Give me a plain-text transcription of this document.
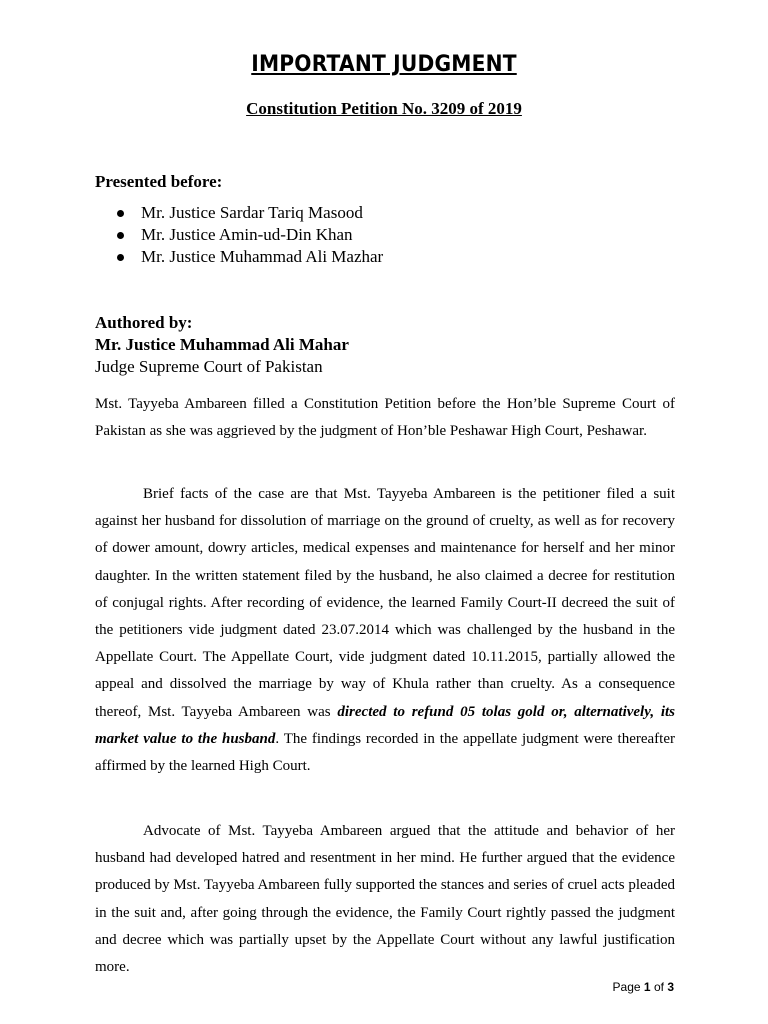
IMPORTANT JUDGMENT
Constitution Petition No. 3209 of 2019
Presented before:
Mr. Justice Sardar Tariq Masood
Mr. Justice Amin-ud-Din Khan
Mr. Justice Muhammad Ali Mazhar
Authored by:
Mr. Justice Muhammad Ali Mahar
Judge Supreme Court of Pakistan

Mst. Tayyeba Ambareen filled a Constitution Petition before the Hon’ble Supreme Court of Pakistan as she was aggrieved by the judgment of Hon’ble Peshawar High Court, Peshawar.

Brief facts of the case are that Mst. Tayyeba Ambareen is the petitioner filed a suit against her husband for dissolution of marriage on the ground of cruelty, as well as for recovery of dower amount, dowry articles, medical expenses and maintenance for herself and her minor daughter. In the written statement filed by the husband, he also claimed a decree for restitution of conjugal rights. After recording of evidence, the learned Family Court-II decreed the suit of the petitioners vide judgment dated 23.07.2014 which was challenged by the husband in the Appellate Court. The Appellate Court, vide judgment dated 10.11.2015, partially allowed the appeal and dissolved the marriage by way of Khula rather than cruelty. As a consequence thereof, Mst. Tayyeba Ambareen was directed to refund 05 tolas gold or, alternatively, its market value to the husband. The findings recorded in the appellate judgment were thereafter affirmed by the learned High Court.

Advocate of Mst. Tayyeba Ambareen argued that the attitude and behavior of her husband had developed hatred and resentment in her mind. He further argued that the evidence produced by Mst. Tayyeba Ambareen fully supported the stances and series of cruel acts pleaded in the suit and, after going through the evidence, the Family Court rightly passed the judgment and decree which was partially upset by the Appellate Court without any lawful justification more.

Page 1 of 3
